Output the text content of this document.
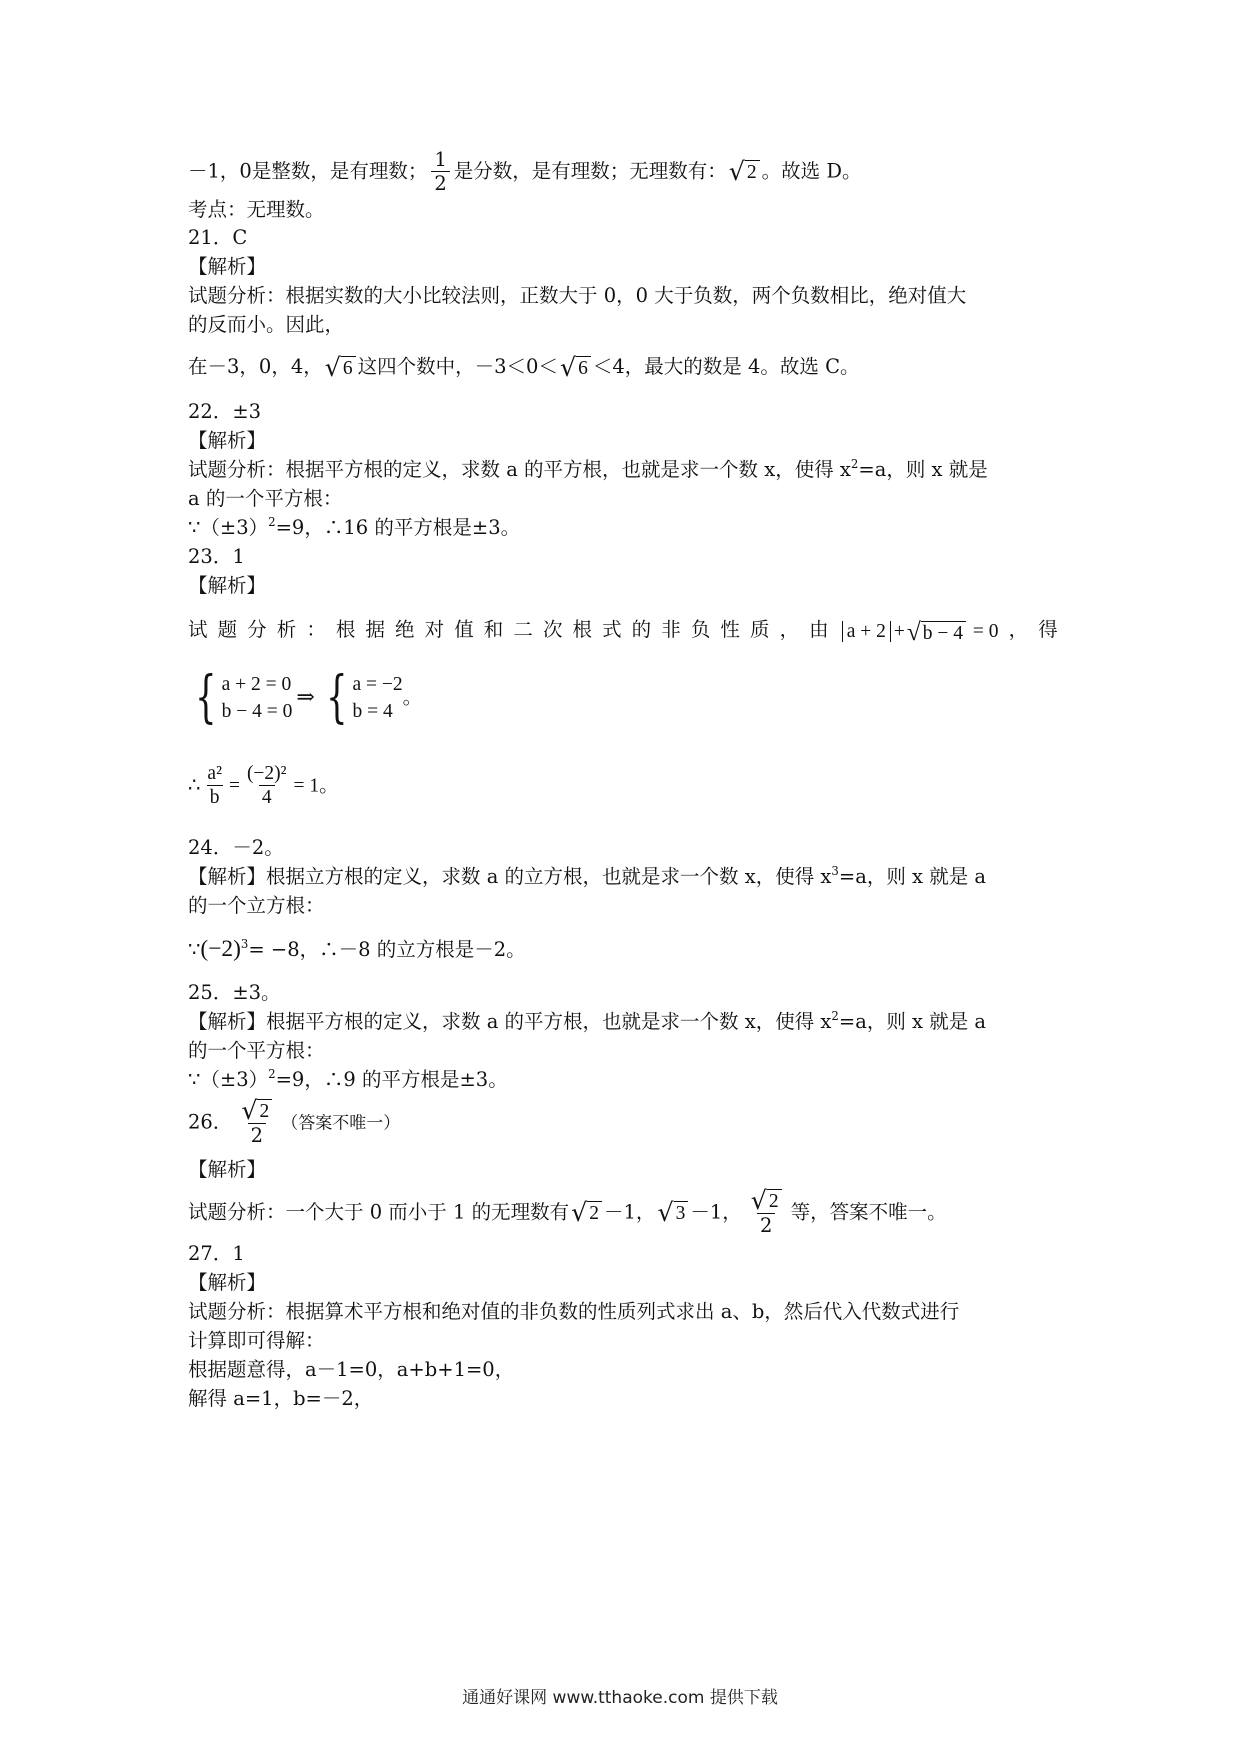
－1，0是整数，是有理数； $\frac{1}{2}$ 是分数，是有理数；无理数有： √ 2 。故选 D。
考点：无理数。
21．C
【解析】
试题分析：根据实数的大小比较法则，正数大于 0，0 大于负数，两个负数相比，绝对值大
的反而小。因此，
在－3，0，4， √ 6 这四个数中，－3＜0＜ √ 6 ＜4，最大的数是 4。故选 C。
22．±3
【解析】
试题分析：根据平方根的定义，求数 a 的平方根，也就是求一个数 x，使得 $x^2=a$，则 x 就是
a 的一个平方根：
$\because(\pm 3)^2=9$，∴16 的平方根是±3。
23．1
【解析】
试 题 分 析 ： 根 据 绝 对 值 和 二 次 根 式 的 非 负 性 质 ， 由 a + 2 + √ b − 4 = 0 ， 得
{ a + 2 = 0
b − 4 = 0
⇒ { a = −2
b = 4
。
∴ $\frac{\text{a²}}{b} = \frac{\text{(−2)²}}{4} = 1$。
24．－2。
【解析】根据立方根的定义，求数 a 的立方根，也就是求一个数 x，使得 $x^3=a$，则 x 就是 a
的一个立方根：
$\because(-2)^3= -8$，∴－8 的立方根是－2。
25．±3。
【解析】根据平方根的定义，求数 a 的平方根，也就是求一个数 x，使得 $x^2=a$，则 x 就是 a
的一个平方根：
$\because(\pm 3)^2=9$，∴9 的平方根是±3。
26． $\frac{√ 2}{2}$ （答案不唯一）
【解析】
试题分析：一个大于 0 而小于 1 的无理数有 √ 2 －1， √ 3 －1， $\frac{√ 2}{2}$ 等，答案不唯一。
27．1
【解析】
试题分析：根据算术平方根和绝对值的非负数的性质列式求出 a、b，然后代入代数式进行
计算即可得解：
根据题意得，a－1=0，a+b+1=0，
解得 a=1，b=－2，
通通好课网 www.tthaoke.com 提供下载
